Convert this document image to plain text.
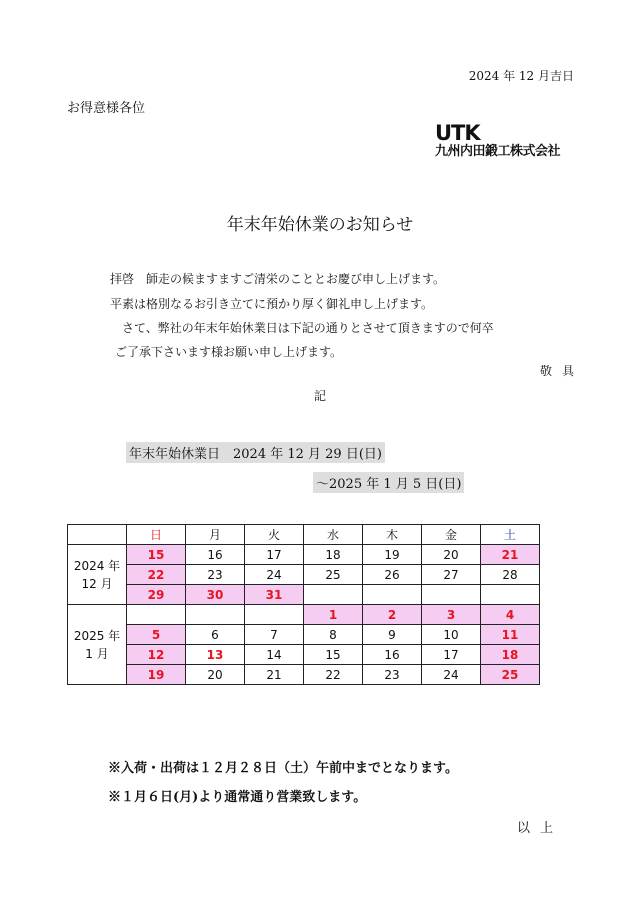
2024 年 12 月吉日
お得意様各位
UTK
九州内田鍛工株式会社
年末年始休業のお知らせ
拝啓　師走の候ますますご清栄のこととお慶び申し上げます。
平素は格別なるお引き立てに預かり厚く御礼申し上げます。
　さて、弊社の年末年始休業日は下記の通りとさせて頂きますので何卒
ご了承下さいます様お願い申し上げます。
敬具
記
年末年始休業日　2024 年 12 月 29 日(日)
～2025 年 1 月 5 日(日)
	日	月	火	水	木	金	土

2024 年
12 月	15	16	17	18	19	20	21
	22	23	24	25	26	27	28
	29	30	31				

2025 年
1 月				1	2	3	4
	5	6	7	8	9	10	11
	12	13	14	15	16	17	18
	19	20	21	22	23	24	25
※入荷・出荷は１２月２８日（土）午前中までとなります。
※１月６日(月)より通常通り営業致します。
以上
